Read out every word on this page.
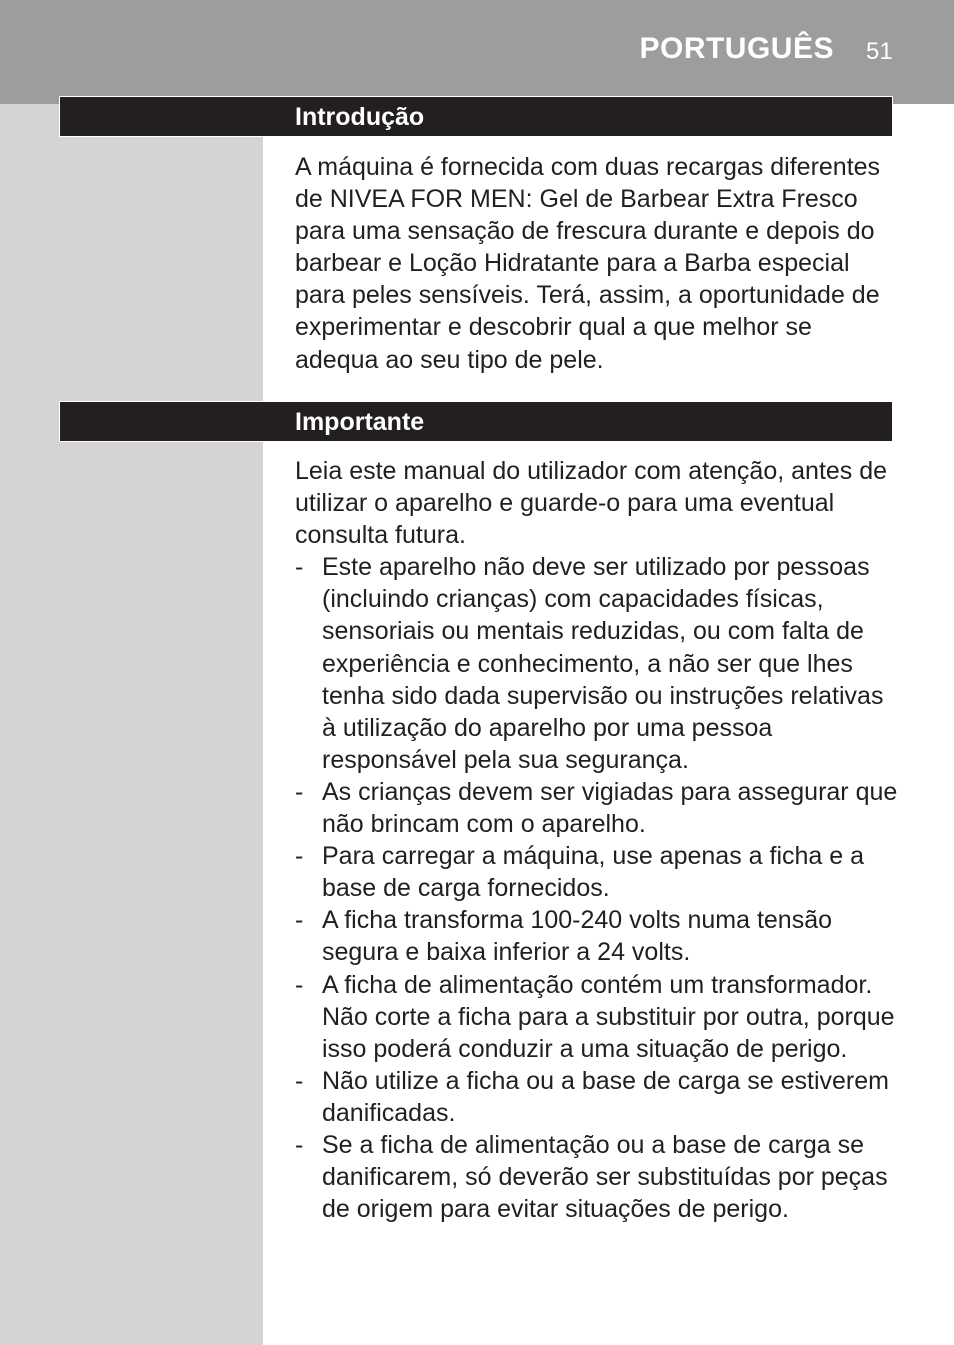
PORTUGUÊS 51
Introdução

A máquina é fornecida com duas recargas diferentes de NIVEA FOR MEN: Gel de Barbear Extra Fresco para uma sensação de frescura durante e depois do barbear e Loção Hidratante para a Barba especial para peles sensíveis. Terá, assim, a oportunidade de experimentar e descobrir qual a que melhor se adequa ao seu tipo de pele.

Importante

Leia este manual do utilizador com atenção, antes de utilizar o aparelho e guarde-o para uma eventual consulta futura.

- Este aparelho não deve ser utilizado por pessoas (incluindo crianças) com capacidades físicas, sensoriais ou mentais reduzidas, ou com falta de experiência e conhecimento, a não ser que lhes tenha sido dada supervisão ou instruções relativas à utilização do aparelho por uma pessoa responsável pela sua segurança.
- As crianças devem ser vigiadas para assegurar que não brincam com o aparelho.
- Para carregar a máquina, use apenas a ficha e a base de carga fornecidos.
- A ficha transforma 100-240 volts numa tensão segura e baixa inferior a 24 volts.
- A ficha de alimentação contém um transformador. Não corte a ficha para a substituir por outra, porque isso poderá conduzir a uma situação de perigo.
- Não utilize a ficha ou a base de carga se estiverem danificadas.
- Se a ficha de alimentação ou a base de carga se danificarem, só deverão ser substituídas por peças de origem para evitar situações de perigo.
